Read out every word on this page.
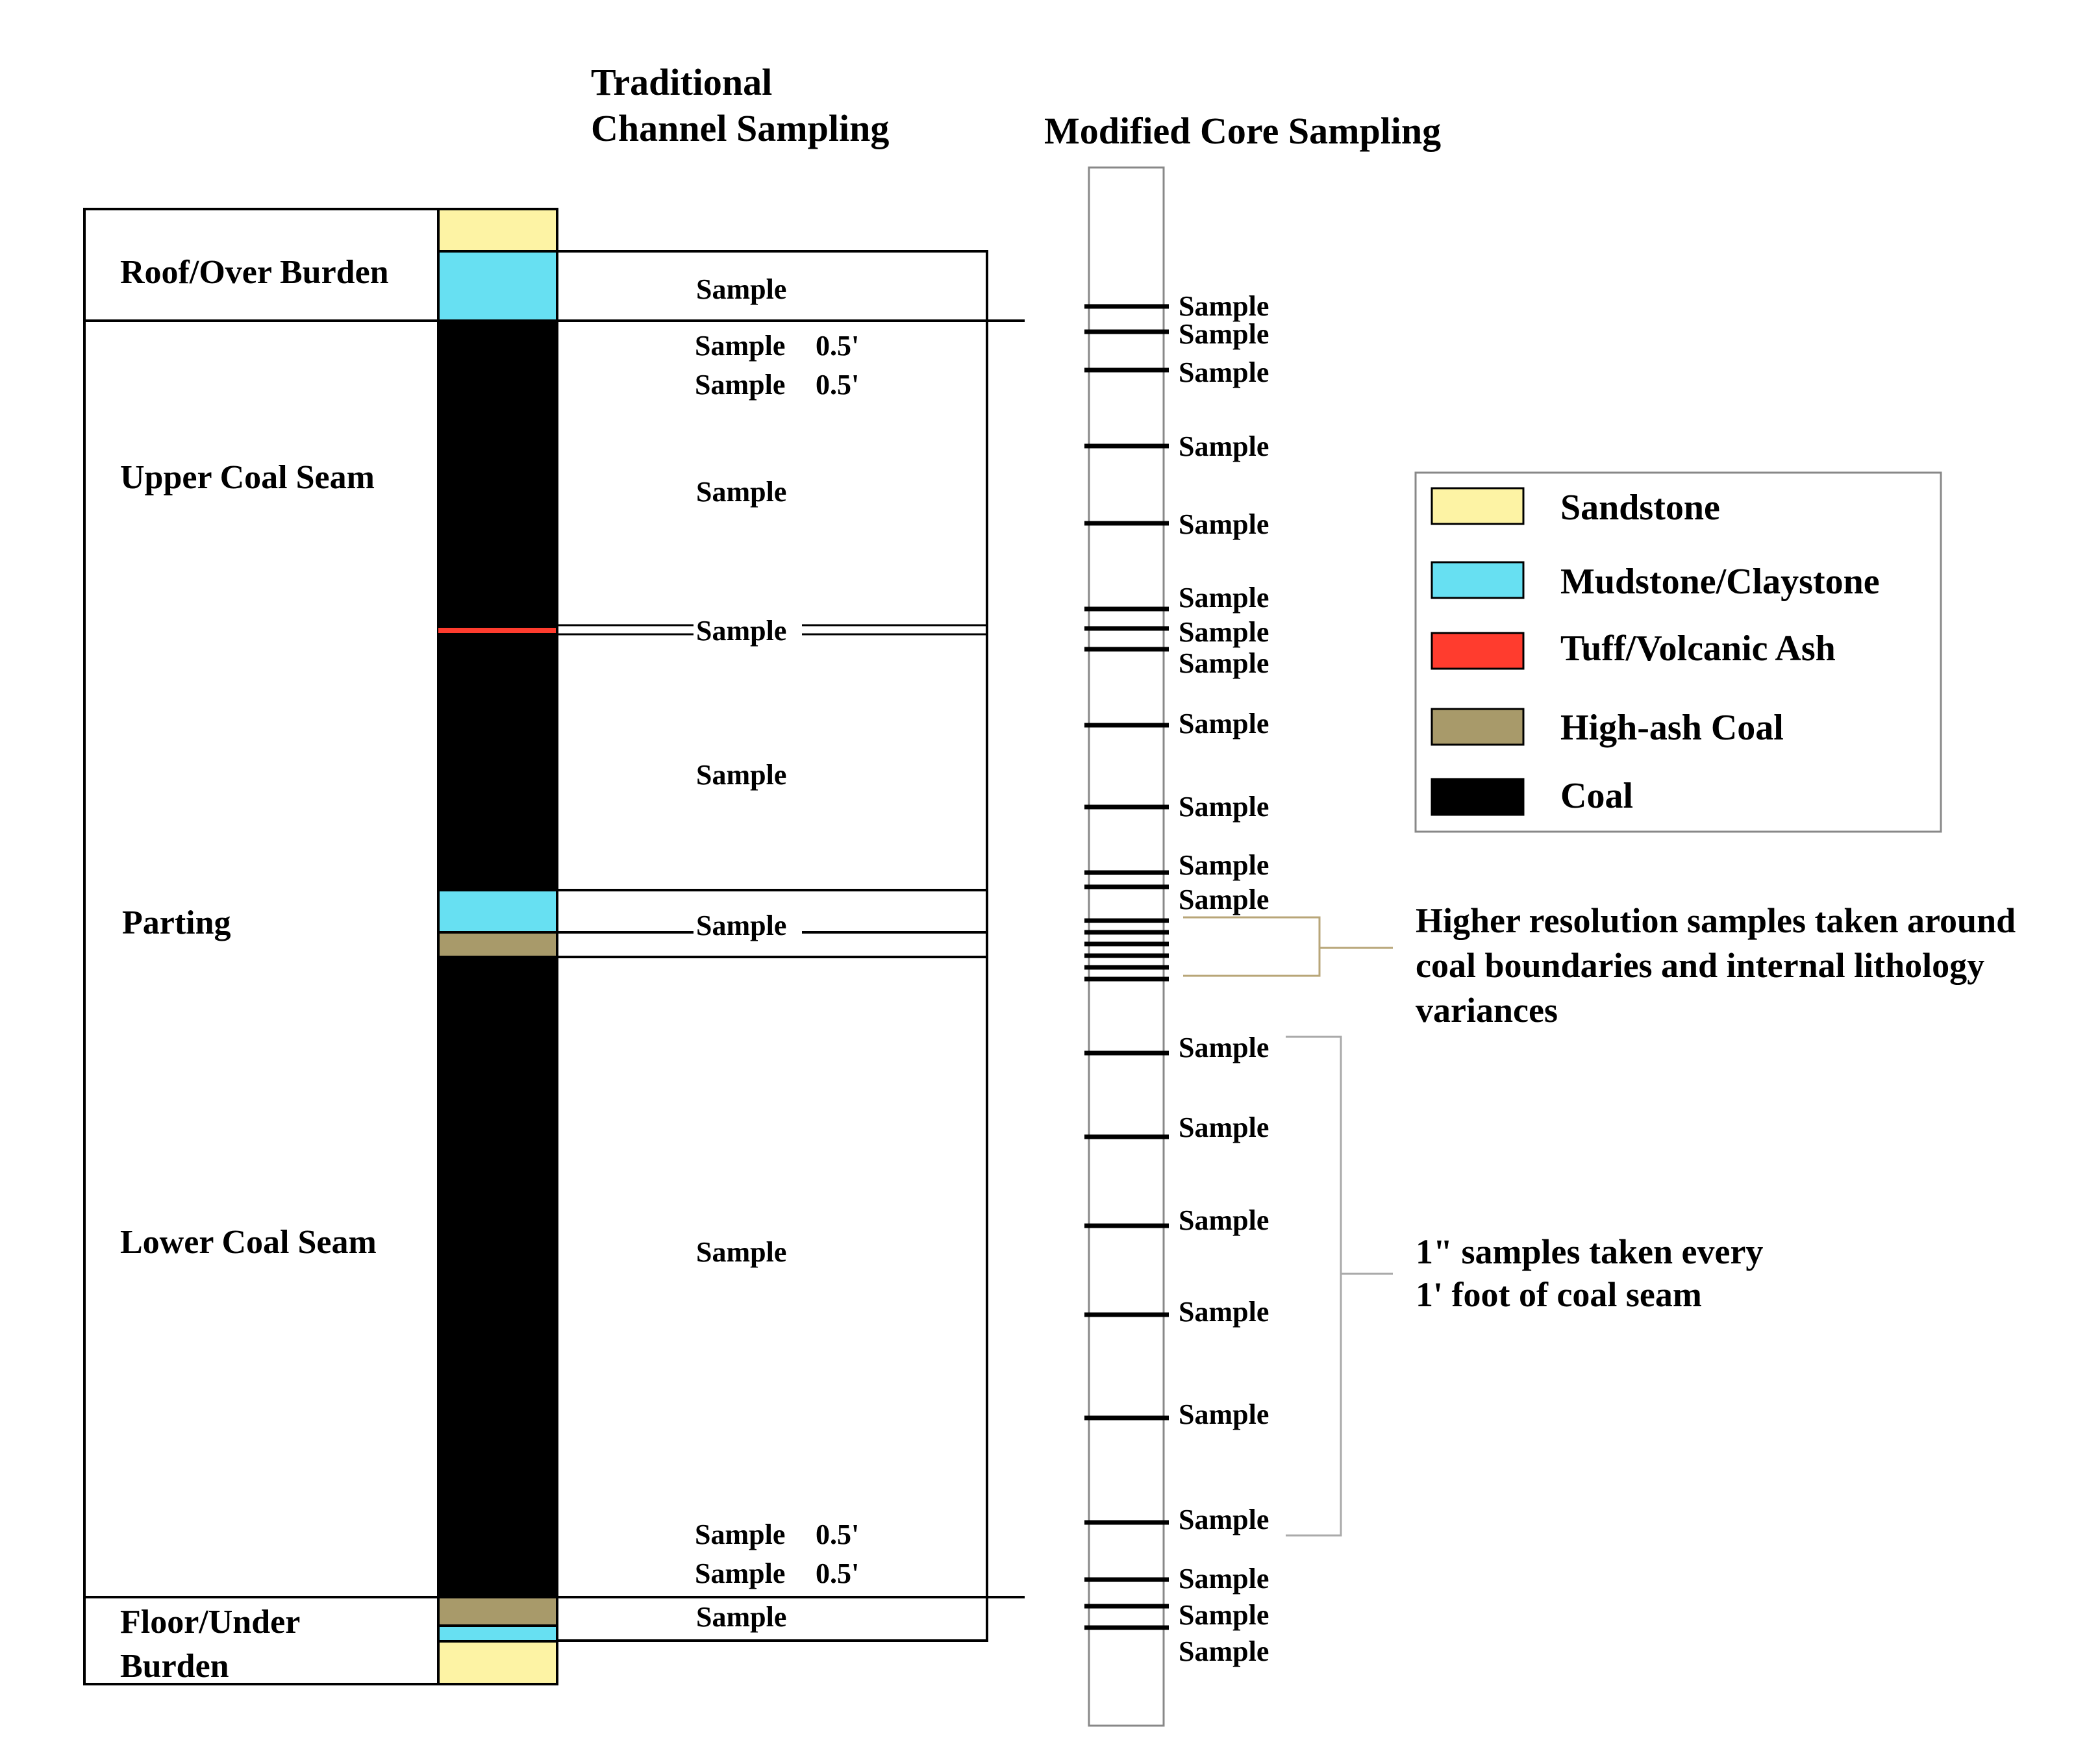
Traditional
Channel Sampling	Modified Core Sampling
Roof/Over Burden
Upper Coal Seam
Parting
Lower Coal Seam
Floor/Under
Burden
Sample
Sample 0.5'
Sample 0.5'
Sample
Sample
Sample
Sample
Sample
Sample 0.5'
Sample 0.5'
Sample
Sample
Sample
Sample
Sample
Sample
Sample
Sample
Sample
Sample
Sample
Sample
Sample
Sample
Sample
Sample
Sample
Sample
Sample
Sample
Sample
Sample
Higher resolution samples taken around
coal boundaries and internal lithology
variances
1" samples taken every
1' foot of coal seam
Sandstone
Mudstone/Claystone
Tuff/Volcanic Ash
High-ash Coal
Coal
